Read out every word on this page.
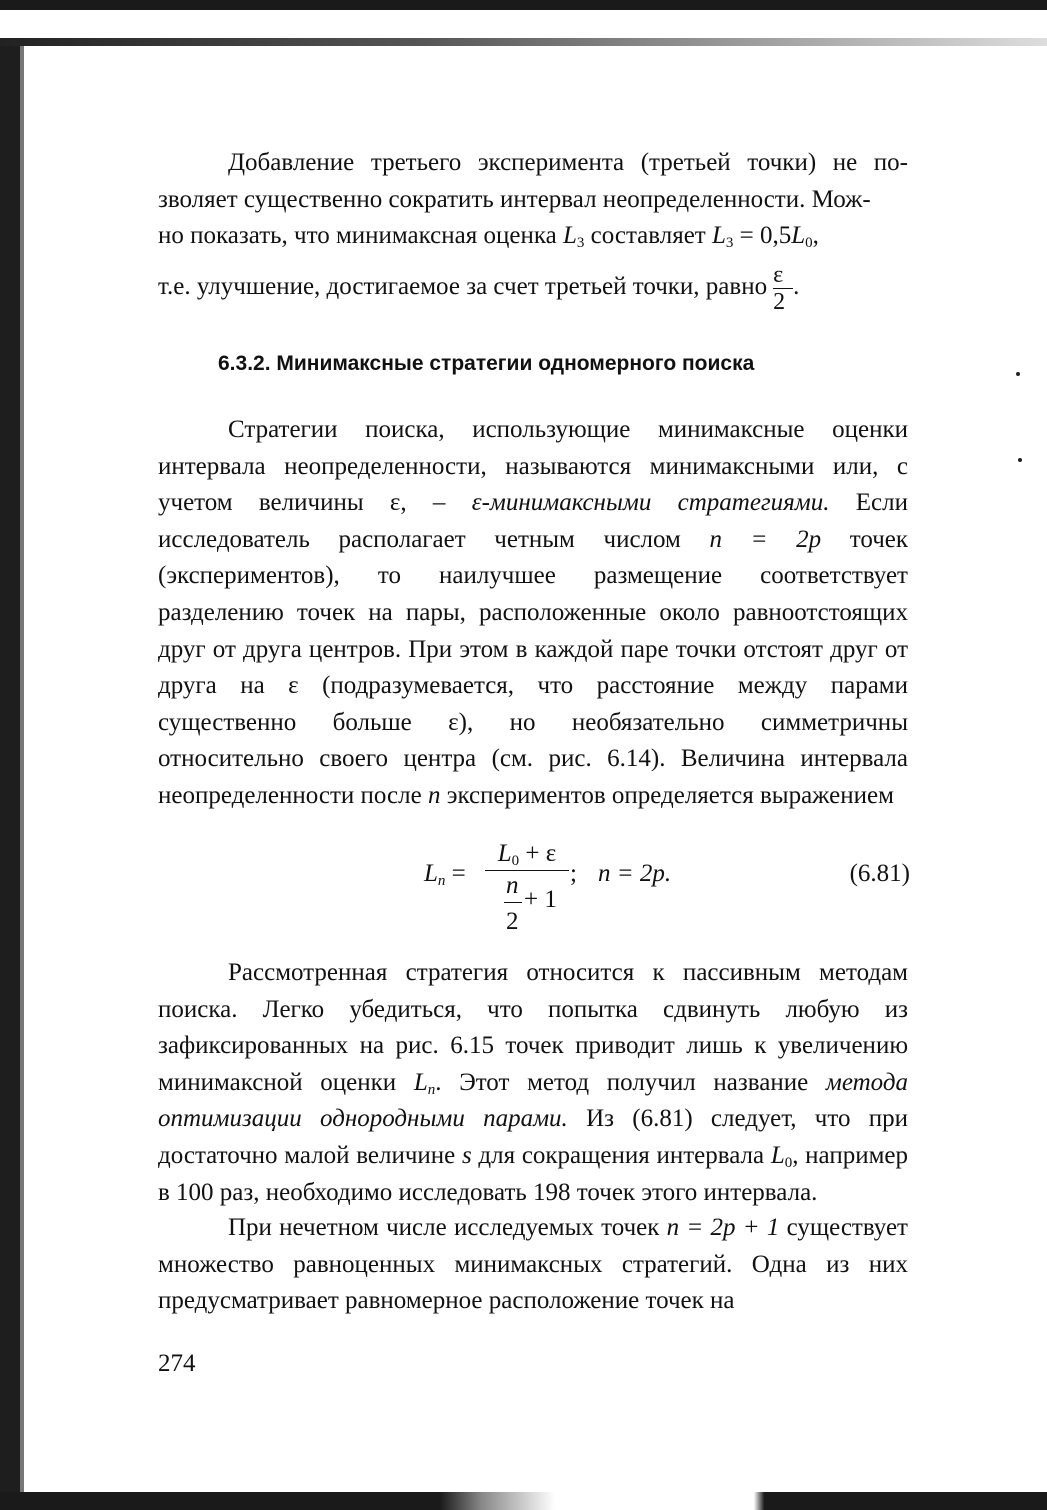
Добавление третьего эксперимента (третьей точки) не по- зволяет существенно сократить интервал неопределенности. Мож-
но показать, что минимаксная оценка $L_3$ составляет $L_3 = 0,5L_0$,
т.е. улучшение, достигаемое за счет третьей точки, равно $\frac{\varepsilon}{2}$ .
6.3.2. Минимаксные стратегии одномерного поиска
Стратегии поиска, использующие минимаксные оценки интервала неопределенности, называются минимаксными или, с учетом величины ε, – ε-минимаксными стратегиями. Если исследователь располагает четным числом n = 2p точек (экспериментов), то наилучшее размещение соответствует разделению точек на пары, расположенные около равноотстоящих друг от друга центров. При этом в каждой паре точки отстоят друг от друга на ε (подразумевается, что расстояние между парами существенно больше ε), но необязательно симметричны относительно своего центра (см. рис. 6.14). Величина интервала неопределенности после n экспериментов определяется выражением
$L_n$ =
$L_0 + \varepsilon$
n
+ 1
2
; n = 2p.	(6.81)
Рассмотренная стратегия относится к пассивным методам поиска. Легко убедиться, что попытка сдвинуть любую из зафиксированных на рис. 6.15 точек приводит лишь к увеличению минимаксной оценки $L_n$. Этот метод получил название метода оптимизации однородными парами. Из (6.81) следует, что при достаточно малой величине s для сокращения интервала $L_0$, например в 100 раз, необходимо исследовать 198 точек этого интервала.
При нечетном числе исследуемых точек n = 2p + 1 существует множество равноценных минимаксных стратегий. Одна из них предусматривает равномерное расположение точек на
274
